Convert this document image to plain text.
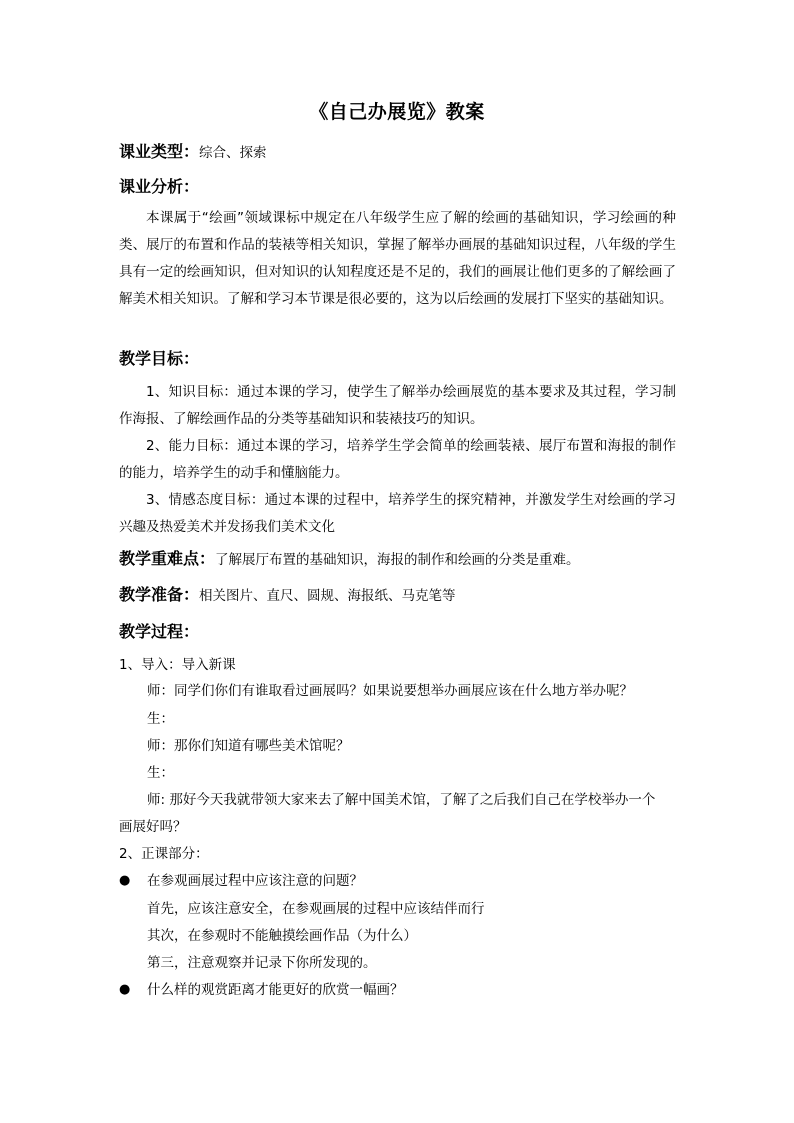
《自己办展览》教案
课业类型：综合、探索
课业分析：
本课属于“绘画”领域课标中规定在八年级学生应了解的绘画的基础知识，学习绘画的种类、展厅的布置和作品的装裱等相关知识，掌握了解举办画展的基础知识过程，八年级的学生具有一定的绘画知识，但对知识的认知程度还是不足的，我们的画展让他们更多的了解绘画了解美术相关知识。了解和学习本节课是很必要的，这为以后绘画的发展打下坚实的基础知识。
教学目标：
1、知识目标：通过本课的学习，使学生了解举办绘画展览的基本要求及其过程，学习制作海报、了解绘画作品的分类等基础知识和装裱技巧的知识。
2、能力目标：通过本课的学习，培养学生学会简单的绘画装裱、展厅布置和海报的制作的能力，培养学生的动手和懂脑能力。
3、情感态度目标：通过本课的过程中，培养学生的探究精神，并激发学生对绘画的学习兴趣及热爱美术并发扬我们美术文化
教学重难点：了解展厅布置的基础知识，海报的制作和绘画的分类是重难。
教学准备：相关图片、直尺、圆规、海报纸、马克笔等
教学过程：
1、导入：导入新课
师：同学们你们有谁取看过画展吗？如果说要想举办画展应该在什么地方举办呢？
生：
师：那你们知道有哪些美术馆呢？
生：
师: 那好今天我就带领大家来去了解中国美术馆，了解了之后我们自己在学校举办一个
画展好吗？
2、正课部分：
● 在参观画展过程中应该注意的问题？
首先，应该注意安全，在参观画展的过程中应该结伴而行
其次，在参观时不能触摸绘画作品（为什么）
第三，注意观察并记录下你所发现的。
● 什么样的观赏距离才能更好的欣赏一幅画？
